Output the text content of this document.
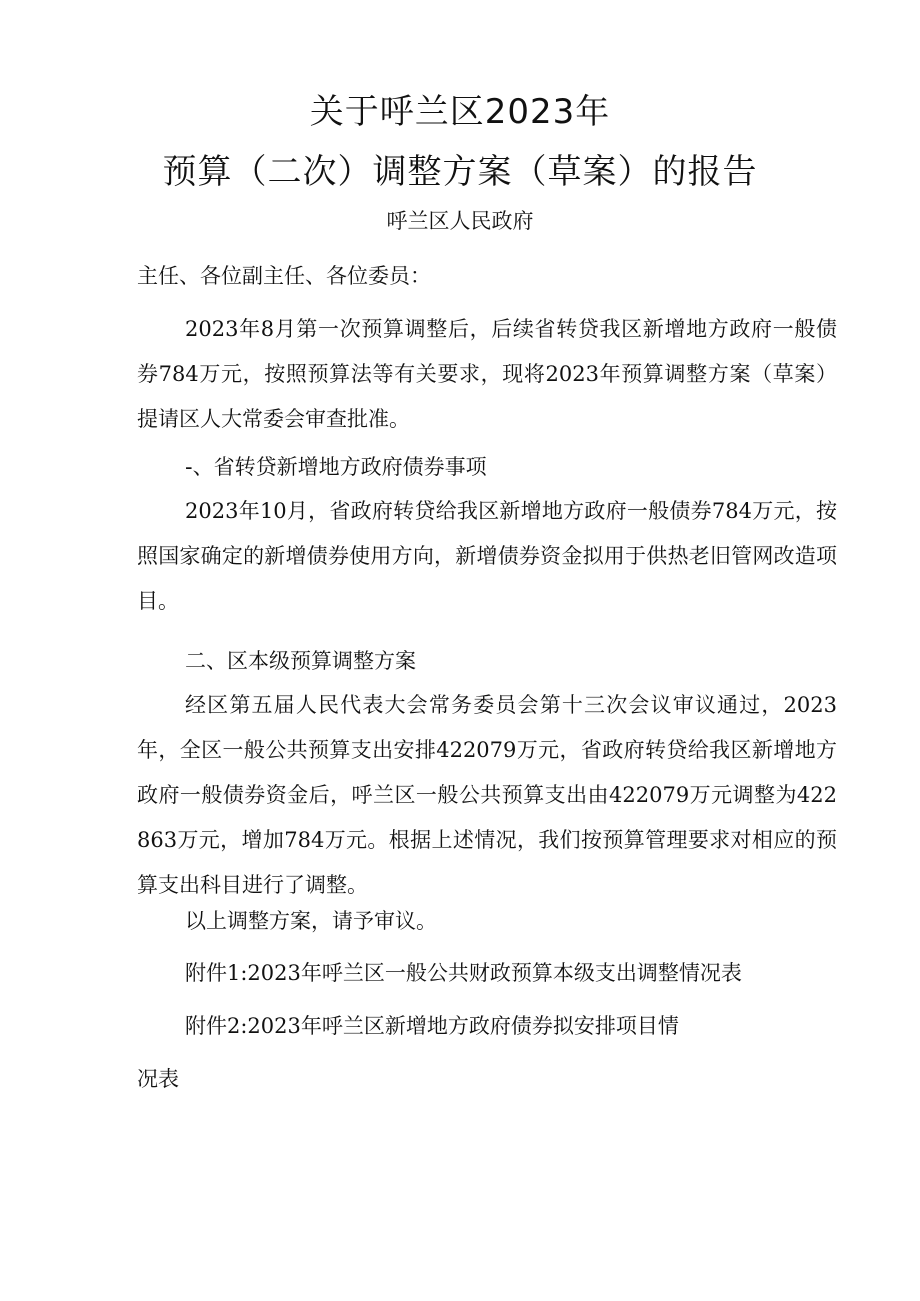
关于呼兰区2023年
预算（二次）调整方案（草案）的报告
呼兰区人民政府
主任、各位副主任、各位委员：
2023年8月第一次预算调整后，后续省转贷我区新增地方政府一般债券784万元，按照预算法等有关要求，现将2023年预算调整方案（草案）提请区人大常委会审查批准。
-、省转贷新增地方政府债券事项
2023年10月，省政府转贷给我区新增地方政府一般债券784万元，按照国家确定的新增债券使用方向，新增债券资金拟用于供热老旧管网改造项目。
二、区本级预算调整方案
经区第五届人民代表大会常务委员会第十三次会议审议通过，2023年，全区一般公共预算支出安排422079万元，省政府转贷给我区新增地方政府一般债券资金后，呼兰区一般公共预算支出由422079万元调整为422863万元，增加784万元。根据上述情况，我们按预算管理要求对相应的预算支出科目进行了调整。
以上调整方案，请予审议。
附件1:2023年呼兰区一般公共财政预算本级支出调整情况表
附件2:2023年呼兰区新增地方政府债券拟安排项目情
况表
